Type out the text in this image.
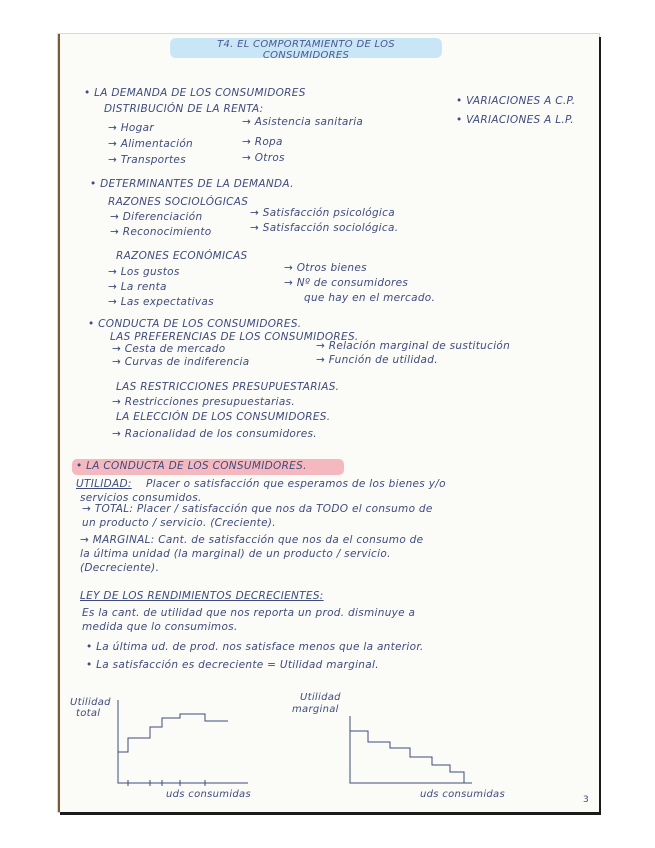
T4. EL COMPORTAMIENTO DE LOS CONSUMIDORES
• LA DEMANDA DE LOS CONSUMIDORES
DISTRIBUCIÓN DE LA RENTA:
→ Hogar
→ Alimentación
→ Transportes
→ Asistencia sanitaria
→ Ropa
→ Otros
• VARIACIONES A C.P.
• VARIACIONES A L.P.
• DETERMINANTES DE LA DEMANDA.
RAZONES SOCIOLÓGICAS
→ Diferenciación
→ Reconocimiento
→ Satisfacción psicológica
→ Satisfacción sociológica.
RAZONES ECONÓMICAS
→ Los gustos
→ La renta
→ Las expectativas
→ Otros bienes
→ Nº de consumidores
que hay en el mercado.
• CONDUCTA DE LOS CONSUMIDORES.
LAS PREFERENCIAS DE LOS CONSUMIDORES.
→ Cesta de mercado
→ Curvas de indiferencia
→ Relación marginal de sustitución
→ Función de utilidad.
LAS RESTRICCIONES PRESUPUESTARIAS.
→ Restricciones presupuestarias.
LA ELECCIÓN DE LOS CONSUMIDORES.
→ Racionalidad de los consumidores.
• LA CONDUCTA DE LOS CONSUMIDORES.
UTILIDAD: Placer o satisfacción que esperamos de los bienes y/o
servicios consumidos.
→ TOTAL: Placer / satisfacción que nos da TODO el consumo de
un producto / servicio. (Creciente).
→ MARGINAL: Cant. de satisfacción que nos da el consumo de
la última unidad (la marginal) de un producto / servicio.
(Decreciente).
LEY DE LOS RENDIMIENTOS DECRECIENTES:
Es la cant. de utilidad que nos reporta un prod. disminuye a
medida que lo consumimos.
• La última ud. de prod. nos satisface menos que la anterior.
• La satisfacción es decreciente = Utilidad marginal.
Utilidad
total
uds consumidas
Utilidad
marginal
uds consumidas	3
